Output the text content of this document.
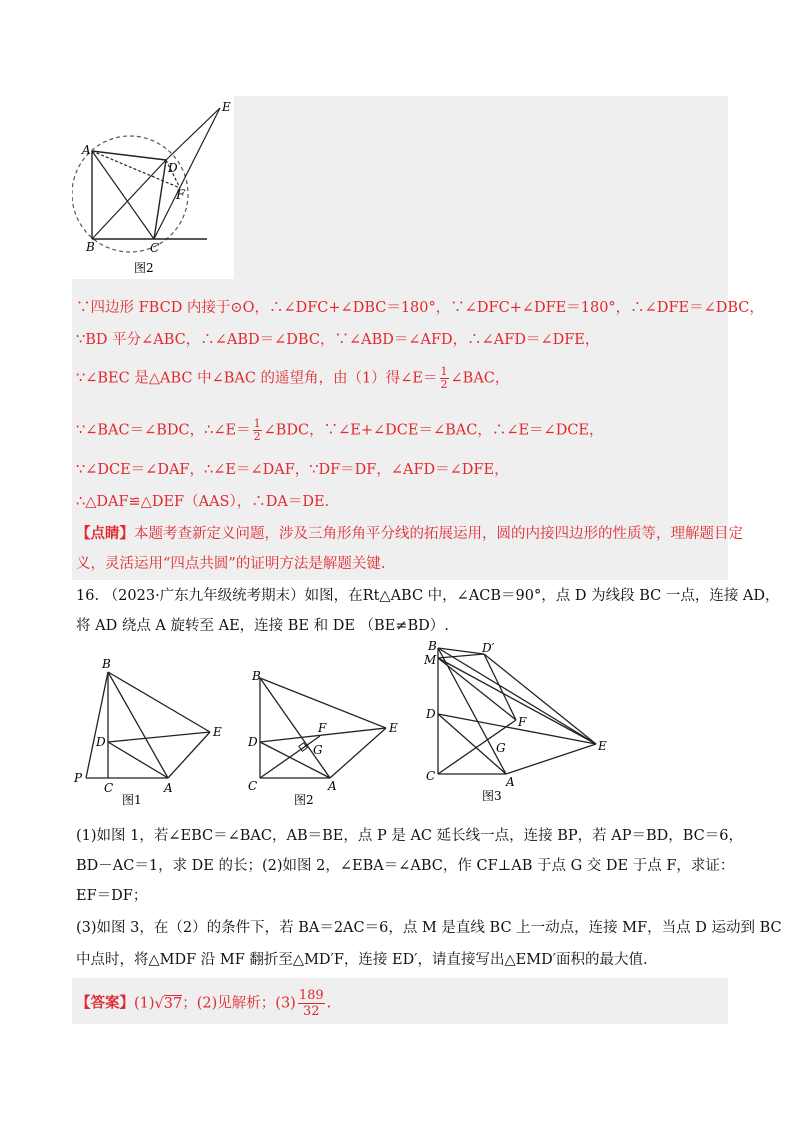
A
D
E
F
B	C
图2
∵四边形 FBCD 内接于⊙O，∴∠DFC+∠DBC＝180°，∵∠DFC+∠DFE＝180°，∴∠DFE＝∠DBC，
∵BD 平分∠ABC，∴∠ABD＝∠DBC，∵∠ABD＝∠AFD，∴∠AFD＝∠DFE，
∵∠BEC 是△ABC 中∠BAC 的遥望角，由（1）得∠E＝ $\frac{1}{2}$ ∠BAC，
∵∠BAC＝∠BDC，∴∠E＝ $\frac{1}{2}$ ∠BDC，∵∠E+∠DCE＝∠BAC，∴∠E＝∠DCE，
∵∠DCE＝∠DAF，∴∠E＝∠DAF，∵DF＝DF，∠AFD＝∠DFE，
∴△DAF≌△DEF（AAS），∴DA＝DE.
【点睛】本题考查新定义问题，涉及三角形角平分线的拓展运用，圆的内接四边形的性质等，理解题目定
义，灵活运用“四点共圆”的证明方法是解题关键.
16. （2023·广东九年级统考期末）如图，在Rt△ABC 中，∠ACB＝90°，点 D 为线段 BC 一点，连接 AD，
将 AD 绕点 A 旋转至 AE，连接 BE 和 DE （BE≠BD）.
B
D
E
P
C	A
图1
B
F	E
D
G
C	A
图2
D′
B
M
F
D
G	E
C	A
图3
(1)如图 1，若∠EBC＝∠BAC，AB＝BE，点 P 是 AC 延长线一点，连接 BP，若 AP＝BD，BC＝6，
BD－AC＝1，求 DE 的长；(2)如图 2，∠EBA＝∠ABC，作 CF⊥AB 于点 G 交 DE 于点 F，求证：
EF＝DF；
(3)如图 3，在（2）的条件下，若 BA＝2AC＝6，点 M 是直线 BC 上一动点，连接 MF，当点 D 运动到 BC
中点时，将△MDF 沿 MF 翻折至△MD′F，连接 ED′，请直接写出△EMD′面积的最大值.
【答案】(1)√37；(2)见解析；$(3) \frac{189}{32}$ .
